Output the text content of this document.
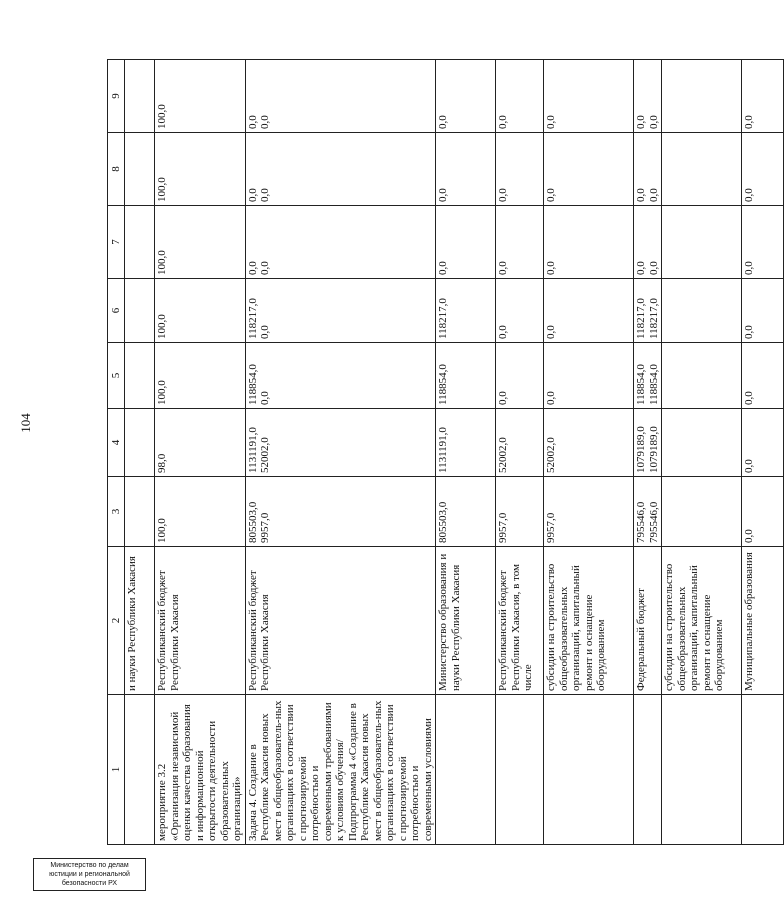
104
Министерство по делам
юстиции и региональной
безопасности РХ
1	2	3	4	5	6	7	8	9
	и науки Республики Хакасия							
мероприятие 3.2 «Организация независимой оценки качества образования и информационной открытости деятельности образовательных организаций»	Республиканский бюджет Республики Хакасия	100,0	98,0	100,0	100,0	100,0	100,0	100,0

Задача 4. Создание в Республике Хакасия новых мест в общеобразователь-ных организациях в соответствии с прогнозируемой потребностью и современными требованиями к условиям обучения/ Подпрограмма 4 «Создание в Республике Хакасия новых мест в общеобразователь-ных организациях в соответствии с прогнозируемой потребностью и современными условиями	Республиканский бюджет Республики Хакасия	805503,0 9957,0	1131191,0 52002,0	118854,0 0,0	118217,0 0,0	0,0 0,0	0,0 0,0	0,0 0,0

	Министерство образования и науки Республики Хакасия	805503,0	1131191,0	118854,0	118217,0	0,0	0,0	0,0

	Республиканский бюджет Республики Хакасия, в том числе	9957,0	52002,0	0,0	0,0	0,0	0,0	0,0

	субсидии на строительство общеобразовательных организаций, капитальный ремонт и оснащение оборудованием	9957,0	52002,0	0,0	0,0	0,0	0,0	0,0

	Федеральный бюджет	795546,0 795546,0	1079189,0 1079189,0	118854,0 118854,0	118217,0 118217,0	0,0 0,0	0,0 0,0	0,0 0,0

	субсидии на строительство общеобразовательных организаций, капитальный ремонт и оснащение оборудованием							
	Муниципальные образования	0,0	0,0	0,0	0,0	0,0	0,0	0,0
